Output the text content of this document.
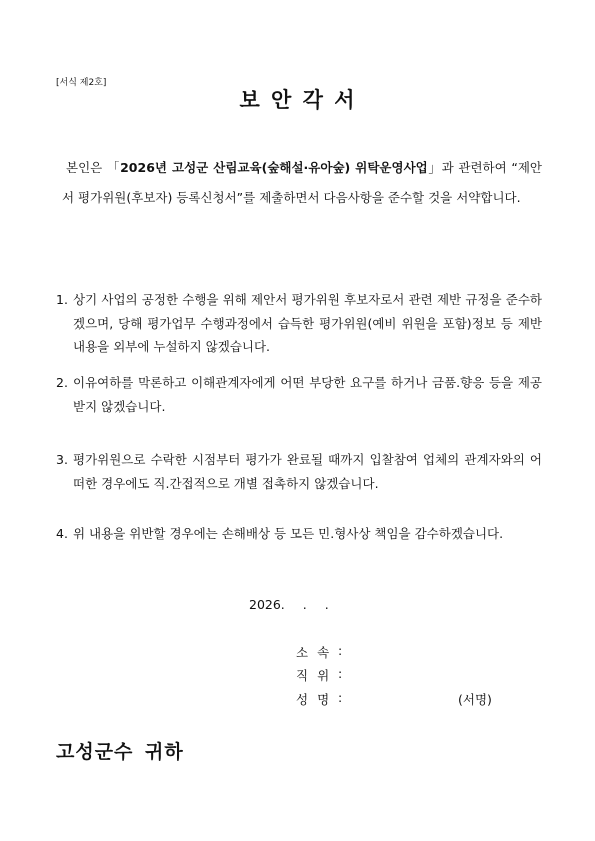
[서식 제2호]
보 안 각 서
본인은 「2026년 고성군 산림교육(숲해설·유아숲) 위탁운영사업」과 관련하여 “제안서 평가위원(후보자) 등록신청서”를 제출하면서 다음사항을 준수할 것을 서약합니다.
1. 상기 사업의 공정한 수행을 위해 제안서 평가위원 후보자로서 관련 제반 규정을 준수하겠으며, 당해 평가업무 수행과정에서 습득한 평가위원(예비 위원을 포함)정보 등 제반내용을 외부에 누설하지 않겠습니다.
2. 이유여하를 막론하고 이해관계자에게 어떤 부당한 요구를 하거나 금품.향응 등을 제공받지 않겠습니다.
3. 평가위원으로 수락한 시점부터 평가가 완료될 때까지 입찰참여 업체의 관계자와의 어떠한 경우에도 직.간접적으로 개별 접촉하지 않겠습니다.
4. 위 내용을 위반할 경우에는 손해배상 등 모든 민.형사상 책임을 감수하겠습니다.
2026. . .
소속 :
직위 :
성명 :	(서명)
고성군수 귀하
